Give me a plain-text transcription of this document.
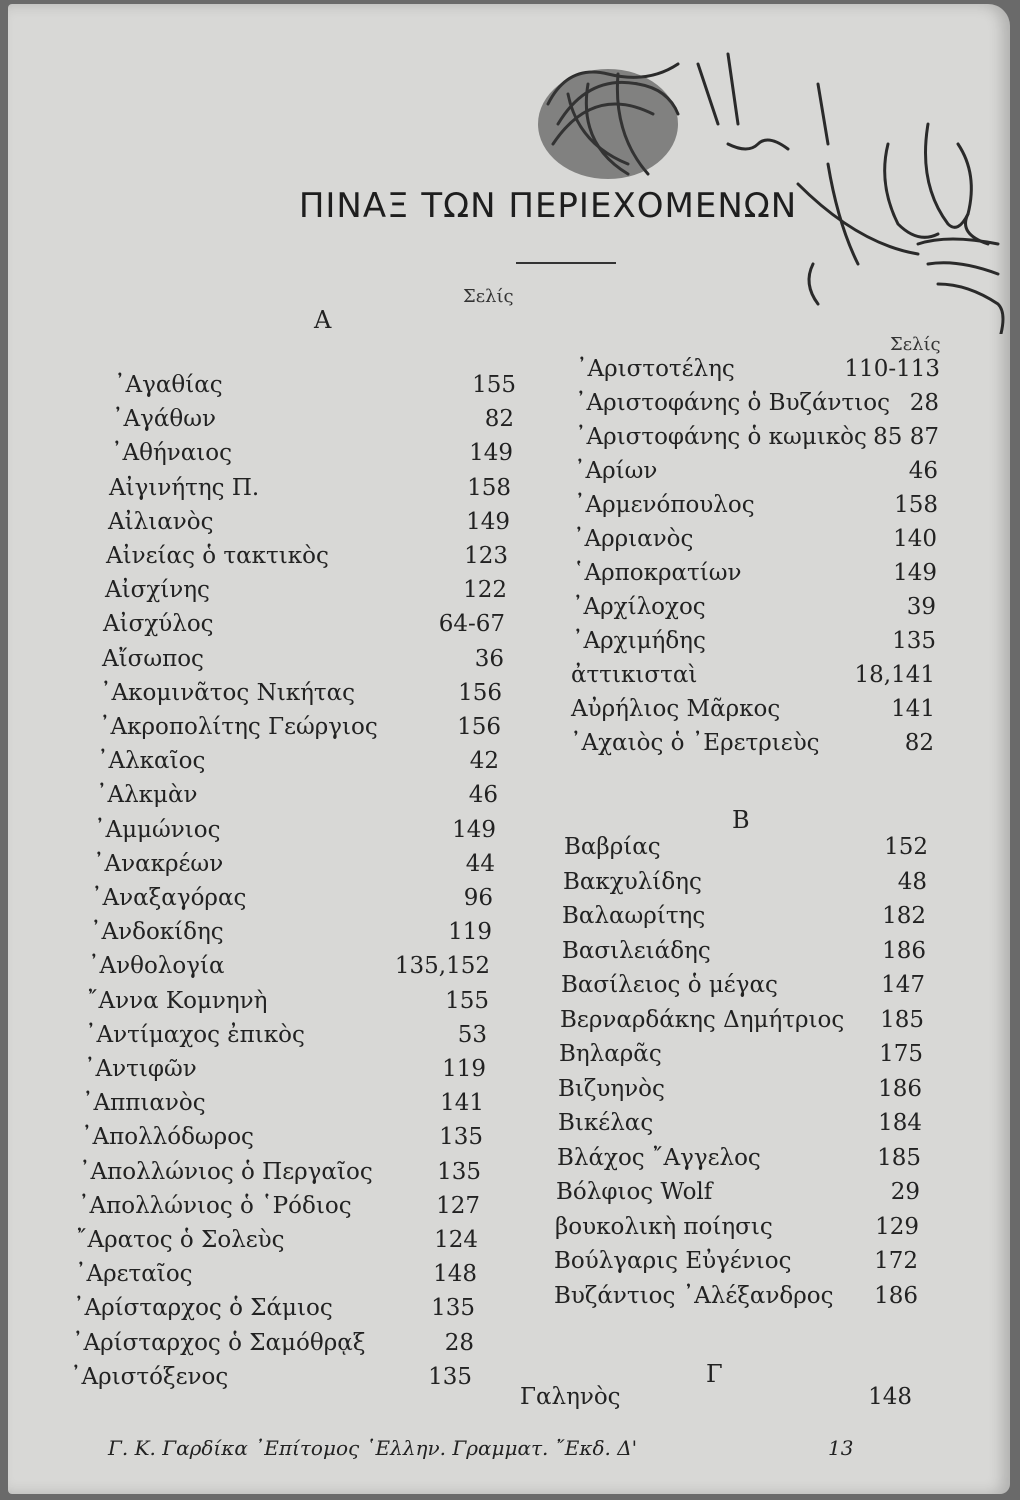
ΠΙΝΑΞ ΤΩΝ ΠΕΡΙΕΧΟΜΕΝΩΝ
Σελίς
Σελίς
A
B
Γ
᾿Αγαθίας	155
᾿Αγάθων	82
᾿Αθήναιος	149
Αἰγινήτης Π.	158
Αἰλιανὸς	149
Αἰνείας ὁ τακτικὸς	123
Αἰσχίνης	122
Αἰσχύλος	64-67
Αἴσωπος	36
᾿Ακομινᾶτος Νικήτας	156
᾿Ακροπολίτης Γεώργιος	156
᾿Αλκαῖος	42
᾿Αλκμὰν	46
᾿Αμμώνιος	149
᾿Ανακρέων	44
᾿Αναξαγόρας	96
᾿Ανδοκίδης	119
᾿Ανθολογία	135,152
῎Αννα Κομνηνὴ	155
᾿Αντίμαχος ἐπικὸς	53
᾿Αντιφῶν	119
᾿Αππιανὸς	141
᾿Απολλόδωρος	135
᾿Απολλώνιος ὁ Περγαῖος	135
᾿Απολλώνιος ὁ ῾Ρόδιος	127
῎Αρατος ὁ Σολεὺς	124
᾿Αρεταῖος	148
᾿Αρίσταρχος ὁ Σάμιος	135
᾿Αρίσταρχος ὁ Σαμόθρᾳξ	28
᾿Αριστόξενος	135
᾿Αριστοτέλης	110-113
᾿Αριστοφάνης ὁ Βυζάντιος 28
᾿Αριστοφάνης ὁ κωμικὸς 85 87
᾿Αρίων	46
᾿Αρμενόπουλος	158
᾿Αρριανὸς	140
῾Αρποκρατίων	149
᾿Αρχίλοχος	39
᾿Αρχιμήδης	135
ἀττικισταὶ	18,141
Αὐρήλιος Μᾶρκος	141
᾿Αχαιὸς ὁ ᾿Ερετριεὺς	82
Βαβρίας	152
Βακχυλίδης	48
Βαλαωρίτης	182
Βασιλειάδης	186
Βασίλειος ὁ μέγας	147
Βερναρδάκης Δημήτριος 185
Βηλαρᾶς	175
Βιζυηνὸς	186
Βικέλας	184
Βλάχος ῎Αγγελος	185
Βόλφιος Wolf	29
βουκολικὴ ποίησις	129
Βούλγαρις Εὐγένιος	172
Βυζάντιος ᾿Αλέξανδρος 186
Γαληνὸς	148
Γ. Κ. Γαρδίκα ᾿Επίτομος ῾Ελλην. Γραμματ. ῎Εκδ. Δ'	13
